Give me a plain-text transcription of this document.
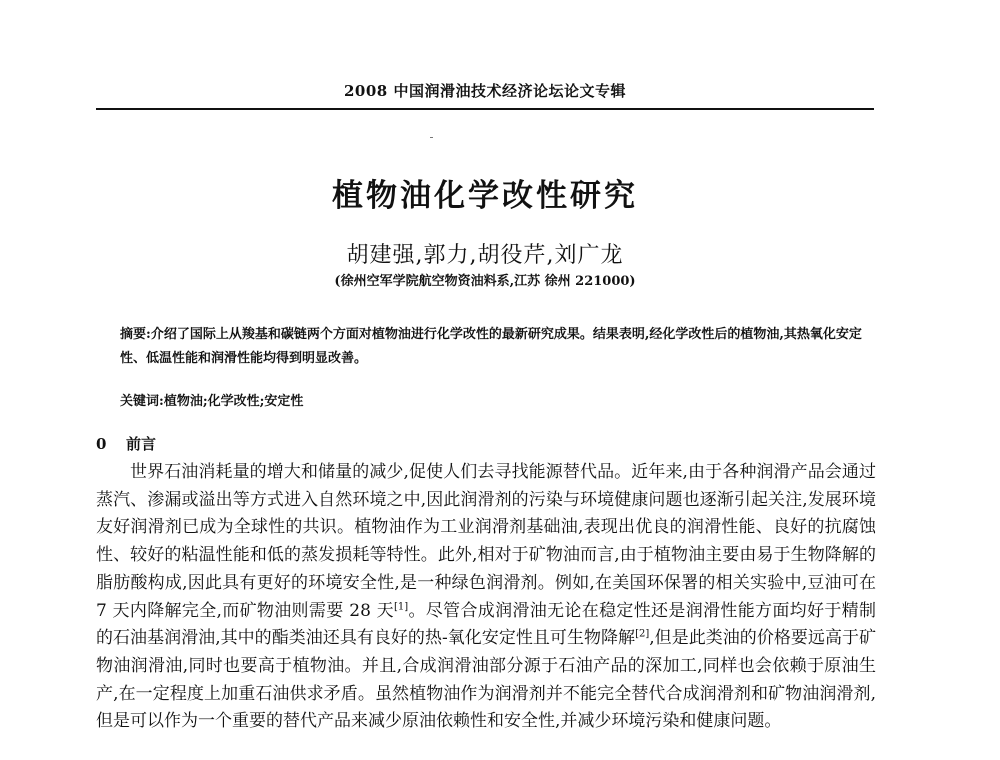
2008 中国润滑油技术经济论坛论文专辑
植物油化学改性研究
胡建强,郭力,胡役芹,刘广龙
(徐州空军学院航空物资油料系,江苏 徐州 221000)
摘要:介绍了国际上从羧基和碳链两个方面对植物油进行化学改性的最新研究成果。结果表明,经化学改性后的植物油,其热氧化安定性、低温性能和润滑性能均得到明显改善。
关键词:植物油;化学改性;安定性
0 前言

世界石油消耗量的增大和储量的减少,促使人们去寻找能源替代品。近年来,由于各种润滑产品会通过蒸汽、渗漏或溢出等方式进入自然环境之中,因此润滑剂的污染与环境健康问题也逐渐引起关注,发展环境友好润滑剂已成为全球性的共识。植物油作为工业润滑剂基础油,表现出优良的润滑性能、良好的抗腐蚀性、较好的粘温性能和低的蒸发损耗等特性。此外,相对于矿物油而言,由于植物油主要由易于生物降解的脂肪酸构成,因此具有更好的环境安全性,是一种绿色润滑剂。例如,在美国环保署的相关实验中,豆油可在 7 天内降解完全,而矿物油则需要 28 天[1]。尽管合成润滑油无论在稳定性还是润滑性能方面均好于精制的石油基润滑油,其中的酯类油还具有良好的热-氧化安定性且可生物降解[2],但是此类油的价格要远高于矿物油润滑油,同时也要高于植物油。并且,合成润滑油部分源于石油产品的深加工,同样也会依赖于原油生产,在一定程度上加重石油供求矛盾。虽然植物油作为润滑剂并不能完全替代合成润滑剂和矿物油润滑剂,但是可以作为一个重要的替代产品来减少原油依赖性和安全性,并减少环境污染和健康问题。
